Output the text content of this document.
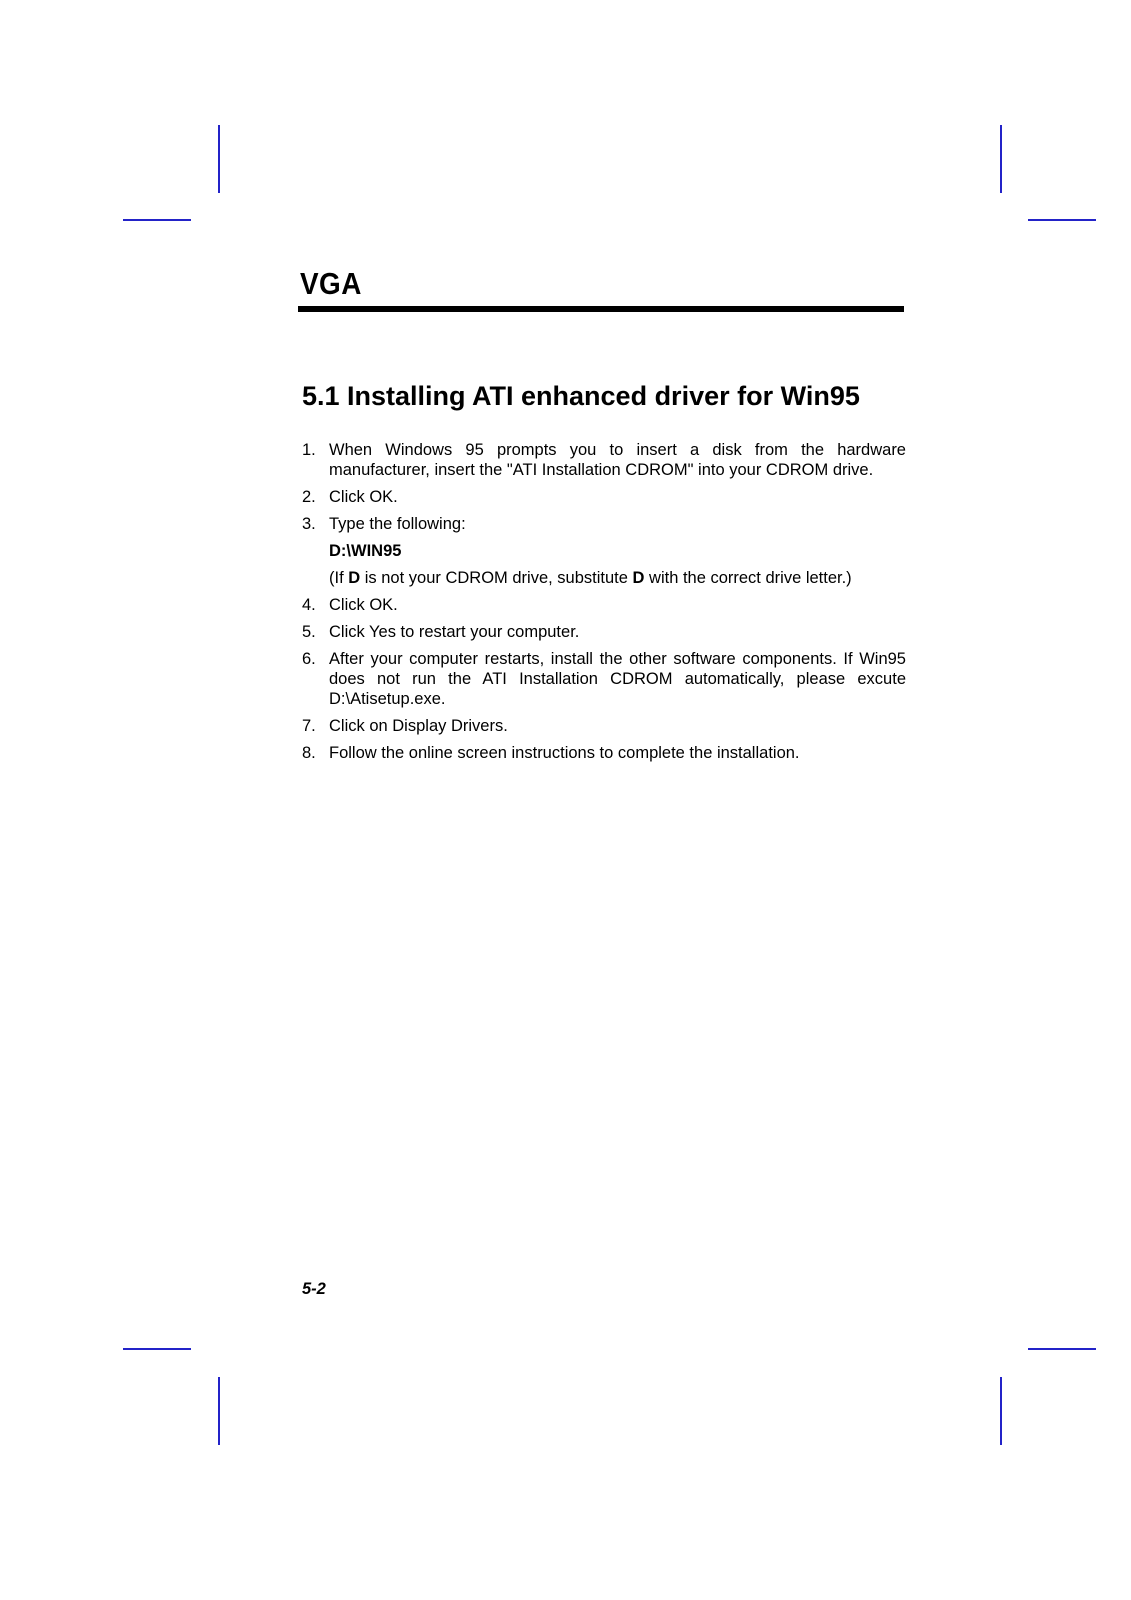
VGA
5.1 Installing ATI enhanced driver for Win95
1. When Windows 95 prompts you to insert a disk from the hardware manufacturer, insert the "ATI Installation CDROM" into your CDROM drive.
2. Click OK.
3. Type the following:
D:\WIN95
(If D is not your CDROM drive, substitute D with the correct drive letter.)
4. Click OK.
5. Click Yes to restart your computer.
6. After your computer restarts, install the other software components. If Win95 does not run the ATI Installation CDROM automatically, please excute D:\Atisetup.exe.
7. Click on Display Drivers.
8. Follow the online screen instructions to complete the installation.
5-2
